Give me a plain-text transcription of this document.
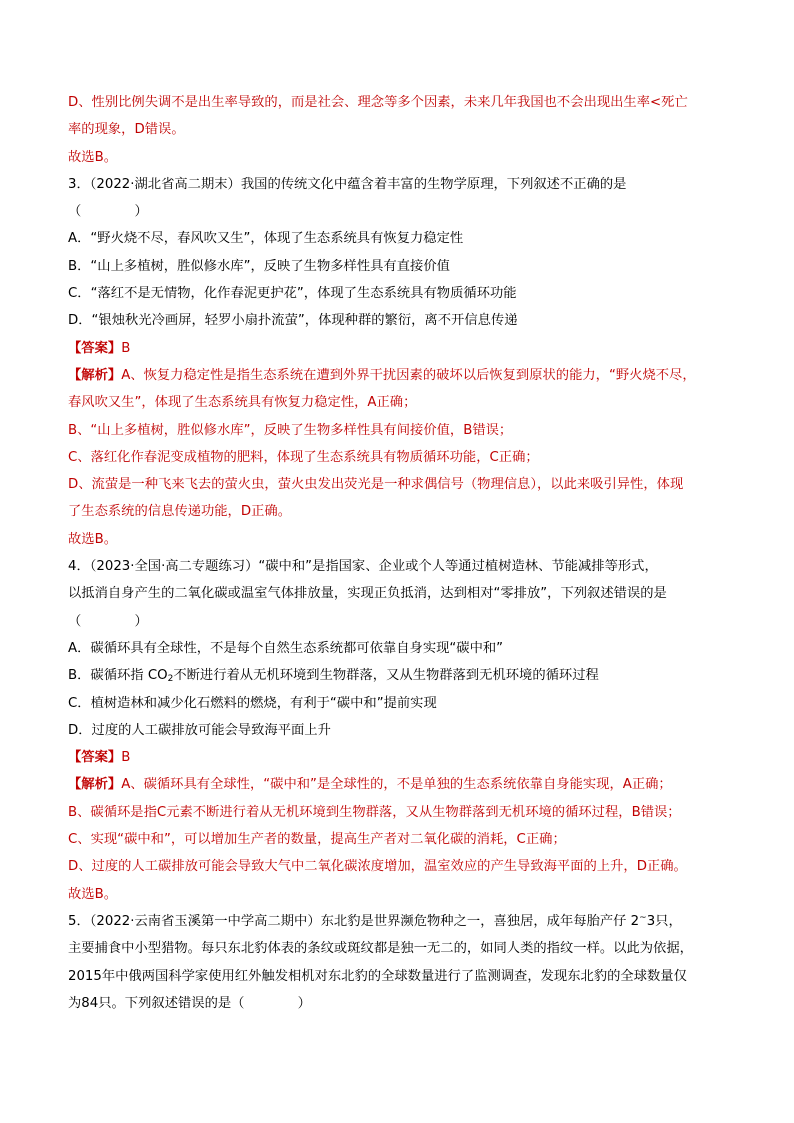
D、性别比例失调不是出生率导致的，而是社会、理念等多个因素，未来几年我国也不会出现出生率<死亡
率的现象，D错误。
故选B。
3．（2022·湖北省高二期末）我国的传统文化中蕴含着丰富的生物学原理，下列叙述不正确的是
（　　　　）
A．“野火烧不尽，春风吹又生”，体现了生态系统具有恢复力稳定性
B．“山上多植树，胜似修水库”，反映了生物多样性具有直接价值
C．“落红不是无情物，化作春泥更护花”，体现了生态系统具有物质循环功能
D．“银烛秋光冷画屏，轻罗小扇扑流萤”，体现种群的繁衍，离不开信息传递
【答案】B
【解析】A、恢复力稳定性是指生态系统在遭到外界干扰因素的破坏以后恢复到原状的能力，“野火烧不尽，
春风吹又生”，体现了生态系统具有恢复力稳定性，A正确；
B、“山上多植树，胜似修水库”，反映了生物多样性具有间接价值，B错误；
C、落红化作春泥变成植物的肥料，体现了生态系统具有物质循环功能，C正确；
D、流萤是一种飞来飞去的萤火虫，萤火虫发出荧光是一种求偶信号（物理信息），以此来吸引异性，体现
了生态系统的信息传递功能，D正确。
故选B。
4．（2023·全国·高二专题练习）“碳中和”是指国家、企业或个人等通过植树造林、节能减排等形式，
以抵消自身产生的二氧化碳或温室气体排放量，实现正负抵消，达到相对“零排放”，下列叙述错误的是
（　　　　）
A．碳循环具有全球性，不是每个自然生态系统都可依靠自身实现“碳中和”
B．碳循环指 $CO_2$不断进行着从无机环境到生物群落，又从生物群落到无机环境的循环过程
C．植树造林和减少化石燃料的燃烧，有利于“碳中和”提前实现
D．过度的人工碳排放可能会导致海平面上升
【答案】B
【解析】A、碳循环具有全球性，“碳中和”是全球性的，不是单独的生态系统依靠自身能实现，A正确；
B、碳循环是指C元素不断进行着从无机环境到生物群落，又从生物群落到无机环境的循环过程，B错误；
C、实现“碳中和”，可以增加生产者的数量，提高生产者对二氧化碳的消耗，C正确；
D、过度的人工碳排放可能会导致大气中二氧化碳浓度增加，温室效应的产生导致海平面的上升，D正确。
故选B。
5．（2022·云南省玉溪第一中学高二期中）东北豹是世界濒危物种之一，喜独居，成年每胎产仔 2~3只，
主要捕食中小型猎物。每只东北豹体表的条纹或斑纹都是独一无二的，如同人类的指纹一样。以此为依据，
2015年中俄两国科学家使用红外触发相机对东北豹的全球数量进行了监测调查，发现东北豹的全球数量仅
为84只。下列叙述错误的是（　　　　）
